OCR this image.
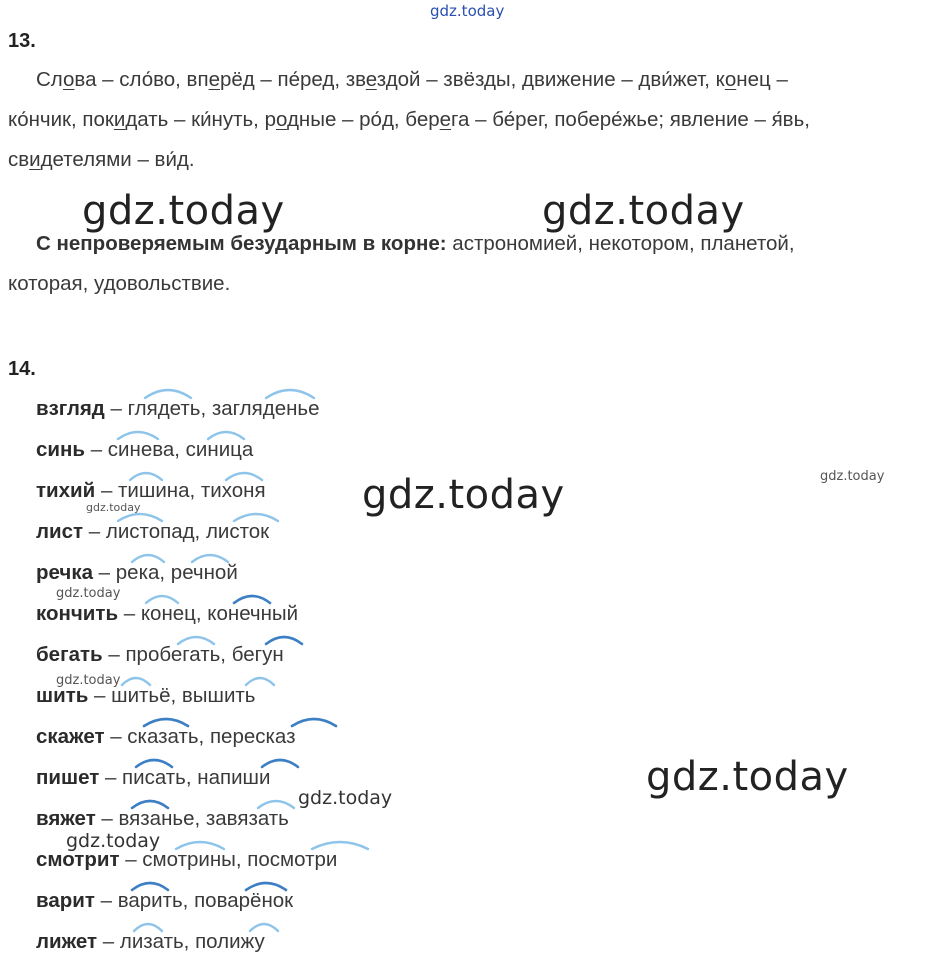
gdz.today
gdz.today	gdz.today
gdz.today
gdz.today
gdz.today
gdz.today
gdz.today
gdz.today
gdz.today
gdz.today
13.

Слова – сло́во, вперёд – пе́ред, звездой – звёзды, движение – дви́жет, конец –
ко́нчик, покидать – ки́нуть, родные – ро́д, берега – бе́рег, побере́жье; явление – я́вь,
свидетелями – ви́д.

С непроверяемым безударным в корне: астрономией, некотором, планетой,
которая, удовольствие.

14.
взгляд – глядеть, загляденье
синь – синева, синица
тихий – тишина, тихоня
лист – листопад, листок
речка – река, речной
кончить – конец, конечный
бегать – пробегать, бегун
шить – шитьё, вышить
скажет – сказать, пересказ
пишет – писать, напиши
вяжет – вязанье, завязать
смотрит – смотрины, посмотри
варит – варить, поварёнок
лижет – лизать, полижу
